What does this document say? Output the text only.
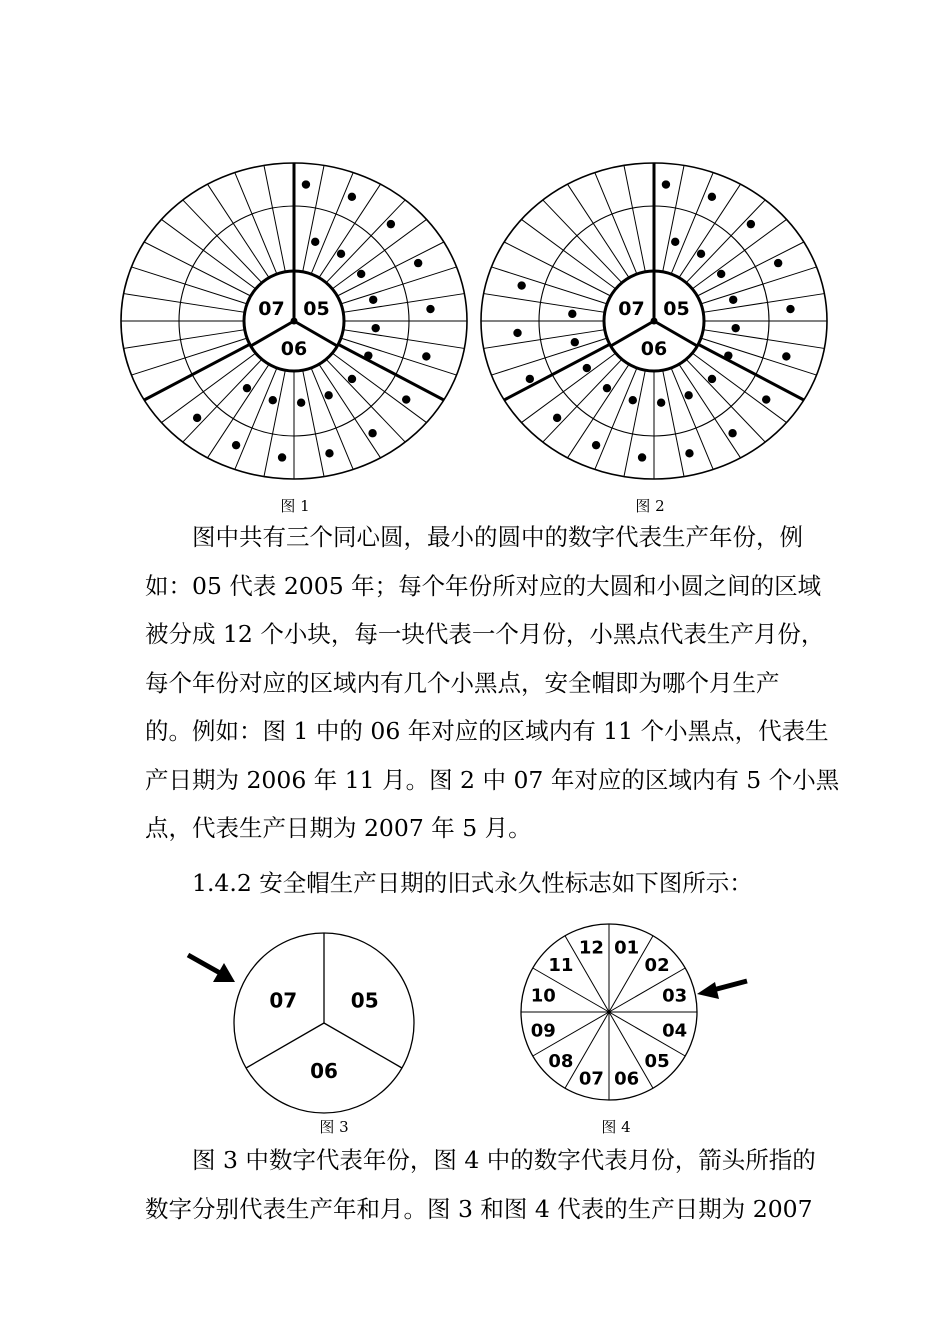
05
06
07
图 1
05
06
07
图 2
图中共有三个同心圆，最小的圆中的数字代表生产年份，例
如：05 代表 2005 年；每个年份所对应的大圆和小圆之间的区域
被分成 12 个小块，每一块代表一个月份，小黑点代表生产月份，
每个年份对应的区域内有几个小黑点，安全帽即为哪个月生产
的。例如：图 1 中的 06 年对应的区域内有 11 个小黑点，代表生
产日期为 2006 年 11 月。图 2 中 07 年对应的区域内有 5 个小黑
点，代表生产日期为 2007 年 5 月。
1.4.2 安全帽生产日期的旧式永久性标志如下图所示：
05
06
07
图 3
01
02
03
04
05
06
07
08
09
10
11
12
图 4
图 3 中数字代表年份，图 4 中的数字代表月份，箭头所指的
数字分别代表生产年和月。图 3 和图 4 代表的生产日期为 2007
